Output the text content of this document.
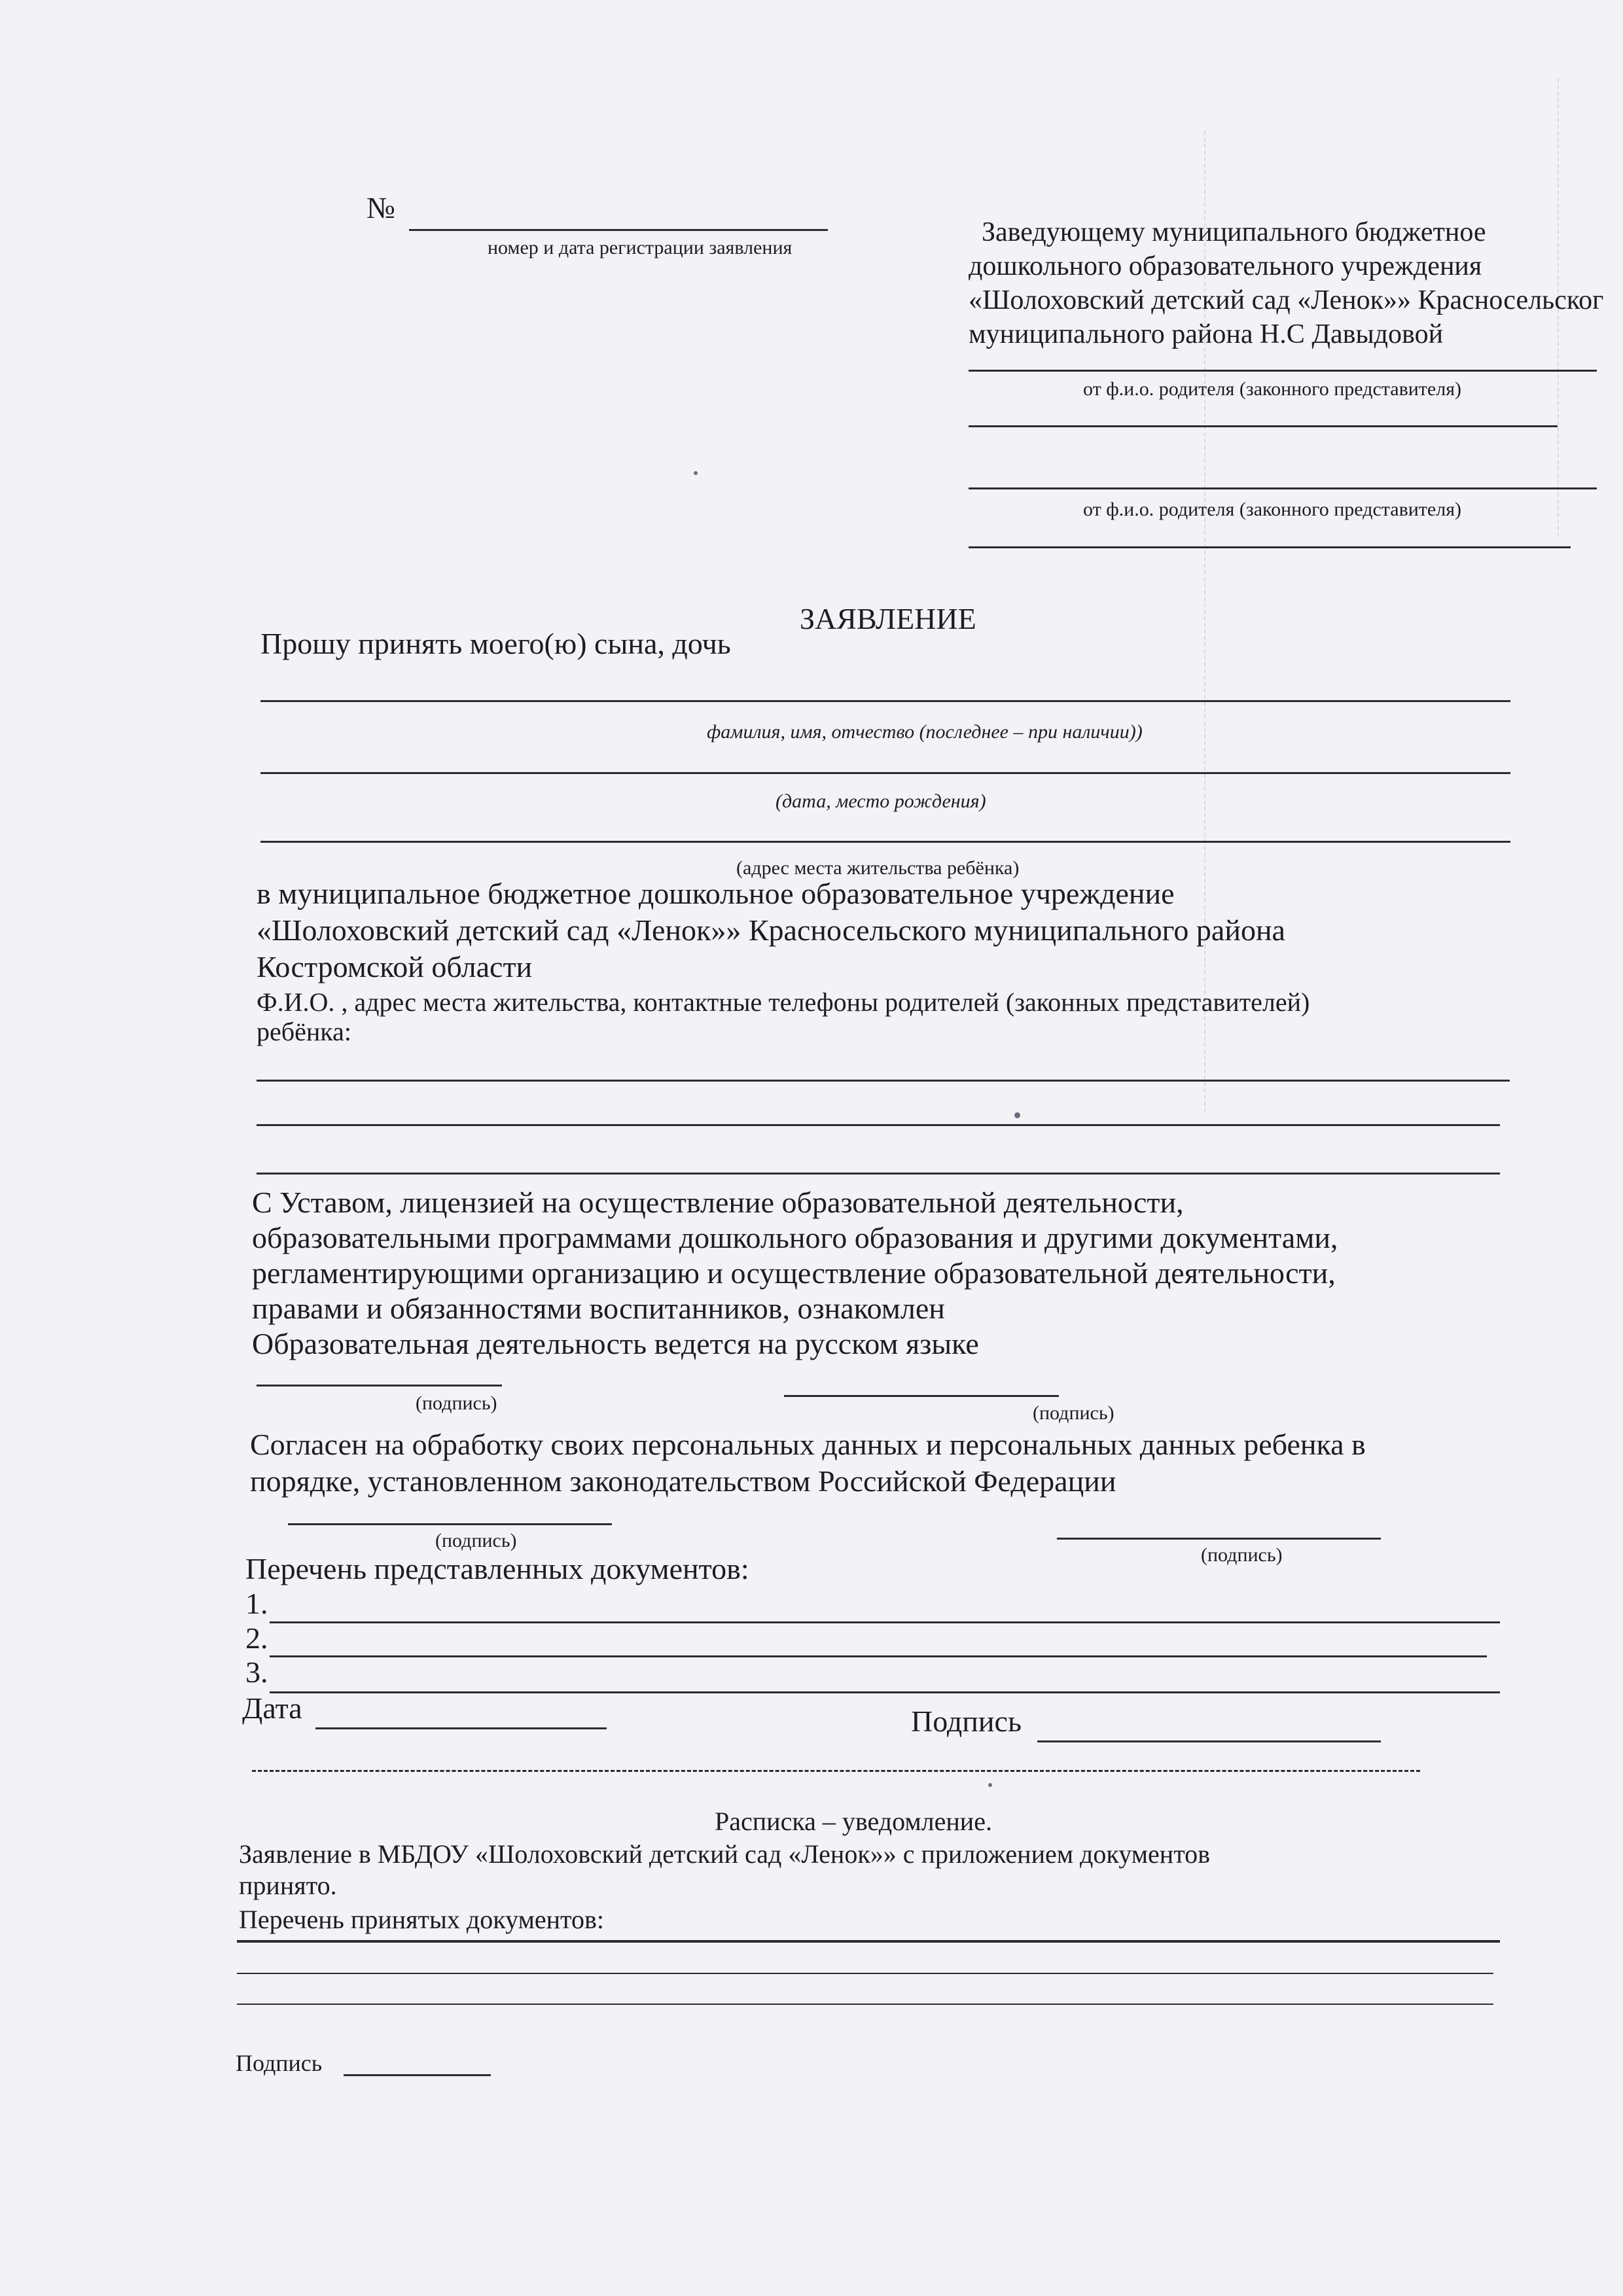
№
номер и дата регистрации заявления
Заведующему муниципального бюджетное
дошкольного образовательного учреждения
«Шолоховский детский сад «Ленок»» Красносельског
муниципального района Н.С Давыдовой
от ф.и.о. родителя (законного представителя)
от ф.и.о. родителя (законного представителя)
ЗАЯВЛЕНИЕ
Прошу принять моего(ю) сына, дочь
фамилия, имя, отчество (последнее – при наличии))
(дата, место рождения)
(адрес места жительства ребёнка)
в муниципальное бюджетное дошкольное образовательное учреждение
«Шолоховский детский сад «Ленок»» Красносельского муниципального района
Костромской области
Ф.И.О. , адрес места жительства, контактные телефоны родителей (законных представителей)
ребёнка:
С Уставом, лицензией на осуществление образовательной деятельности,
образовательными программами дошкольного образования и другими документами,
регламентирующими организацию и осуществление образовательной деятельности,
правами и обязанностями воспитанников, ознакомлен
Образовательная деятельность ведется на русском языке
(подпись)	(подпись)
Согласен на обработку своих персональных данных и персональных данных ребенка в
порядке, установленном законодательством Российской Федерации
(подпись)
(подпись)
Перечень представленных документов:
1.
2.
3.
Дата	Подпись
Расписка – уведомление.
Заявление в МБДОУ «Шолоховский детский сад «Ленок»» с приложением документов
принято.
Перечень принятых документов:
Подпись
